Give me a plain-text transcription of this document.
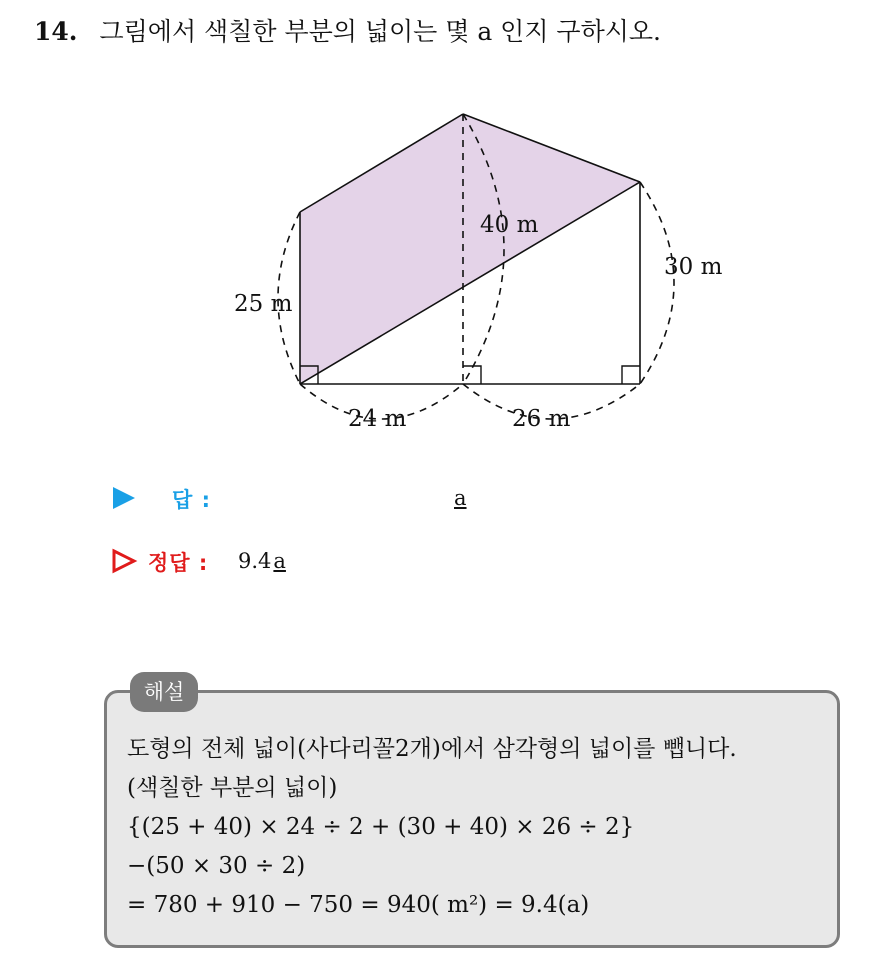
14. 그림에서 색칠한 부분의 넓이는 몇 a 인지 구하시오.
25 m
40 m
30 m
24 m	26 m
답 :	a
정답 : 9.4a
해설
도형의 전체 넓이(사다리꼴2개)에서 삼각형의 넓이를 뺍니다.
(색칠한 부분의 넓이)
{(25 + 40) × 24 ÷ 2 + (30 + 40) × 26 ÷ 2}
−(50 × 30 ÷ 2)
= 780 + 910 − 750 = 940( m²) = 9.4(a)
